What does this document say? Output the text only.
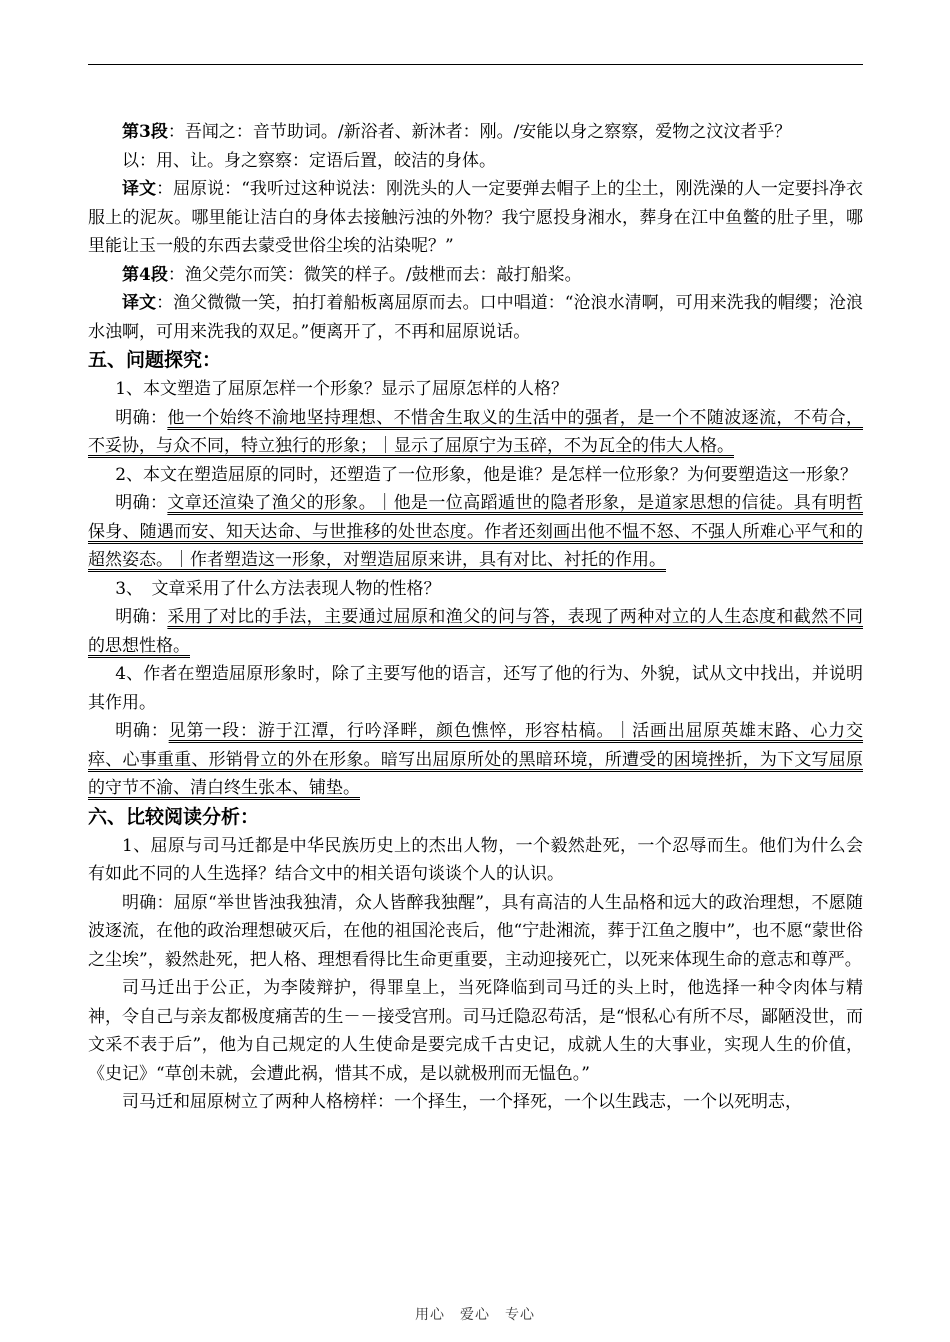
第3段：吾闻之：音节助词。/新浴者、新沐者：刚。/安能以身之察察，爱物之汶汶者乎？

以：用、让。身之察察：定语后置，皎洁的身体。

译文：屈原说：“我听过这种说法：刚洗头的人一定要弹去帽子上的尘土，刚洗澡的人一定要抖净衣服上的泥灰。哪里能让洁白的身体去接触污浊的外物？我宁愿投身湘水，葬身在江中鱼鳖的肚子里，哪里能让玉一般的东西去蒙受世俗尘埃的沾染呢？”

第4段：渔父莞尔而笑：微笑的样子。/鼓枻而去：敲打船桨。

译文：渔父微微一笑，拍打着船板离屈原而去。口中唱道：“沧浪水清啊，可用来洗我的帽缨；沧浪水浊啊，可用来洗我的双足。”便离开了，不再和屈原说话。

五、问题探究：

1、本文塑造了屈原怎样一个形象？显示了屈原怎样的人格？

明确：他一个始终不渝地坚持理想、不惜舍生取义的生活中的强者，是一个不随波逐流，不苟合，不妥协，与众不同，特立独行的形象；｜显示了屈原宁为玉碎，不为瓦全的伟大人格。

2、本文在塑造屈原的同时，还塑造了一位形象，他是谁？是怎样一位形象？为何要塑造这一形象？

明确：文章还渲染了渔父的形象。｜他是一位高蹈遁世的隐者形象，是道家思想的信徒。具有明哲保身、随遇而安、知天达命、与世推移的处世态度。作者还刻画出他不愠不怒、不强人所难心平气和的超然姿态。｜作者塑造这一形象，对塑造屈原来讲，具有对比、衬托的作用。

3、　文章采用了什么方法表现人物的性格？

明确：采用了对比的手法，主要通过屈原和渔父的问与答，表现了两种对立的人生态度和截然不同的思想性格。

4、作者在塑造屈原形象时，除了主要写他的语言，还写了他的行为、外貌，试从文中找出，并说明其作用。

明确：见第一段：游于江潭，行吟泽畔，颜色憔悴，形容枯槁。｜活画出屈原英雄末路、心力交瘁、心事重重、形销骨立的外在形象。暗写出屈原所处的黑暗环境，所遭受的困境挫折，为下文写屈原的守节不渝、清白终生张本、铺垫。

六、比较阅读分析：

1、屈原与司马迁都是中华民族历史上的杰出人物，一个毅然赴死，一个忍辱而生。他们为什么会有如此不同的人生选择？结合文中的相关语句谈谈个人的认识。

明确：屈原“举世皆浊我独清，众人皆醉我独醒”，具有高洁的人生品格和远大的政治理想，不愿随波逐流，在他的政治理想破灭后，在他的祖国沦丧后，他“宁赴湘流，葬于江鱼之腹中”，也不愿“蒙世俗之尘埃”，毅然赴死，把人格、理想看得比生命更重要，主动迎接死亡，以死来体现生命的意志和尊严。

司马迁出于公正，为李陵辩护，得罪皇上，当死降临到司马迁的头上时，他选择一种令肉体与精神，令自己与亲友都极度痛苦的生－－接受宫刑。司马迁隐忍苟活，是“恨私心有所不尽，鄙陋没世，而文采不表于后”，他为自己规定的人生使命是要完成千古史记，成就人生的大事业，实现人生的价值，《史记》“草创未就，会遭此祸，惜其不成，是以就极刑而无愠色。”

司马迁和屈原树立了两种人格榜样：一个择生，一个择死，一个以生践志，一个以死明志，

用心　爱心　专心
